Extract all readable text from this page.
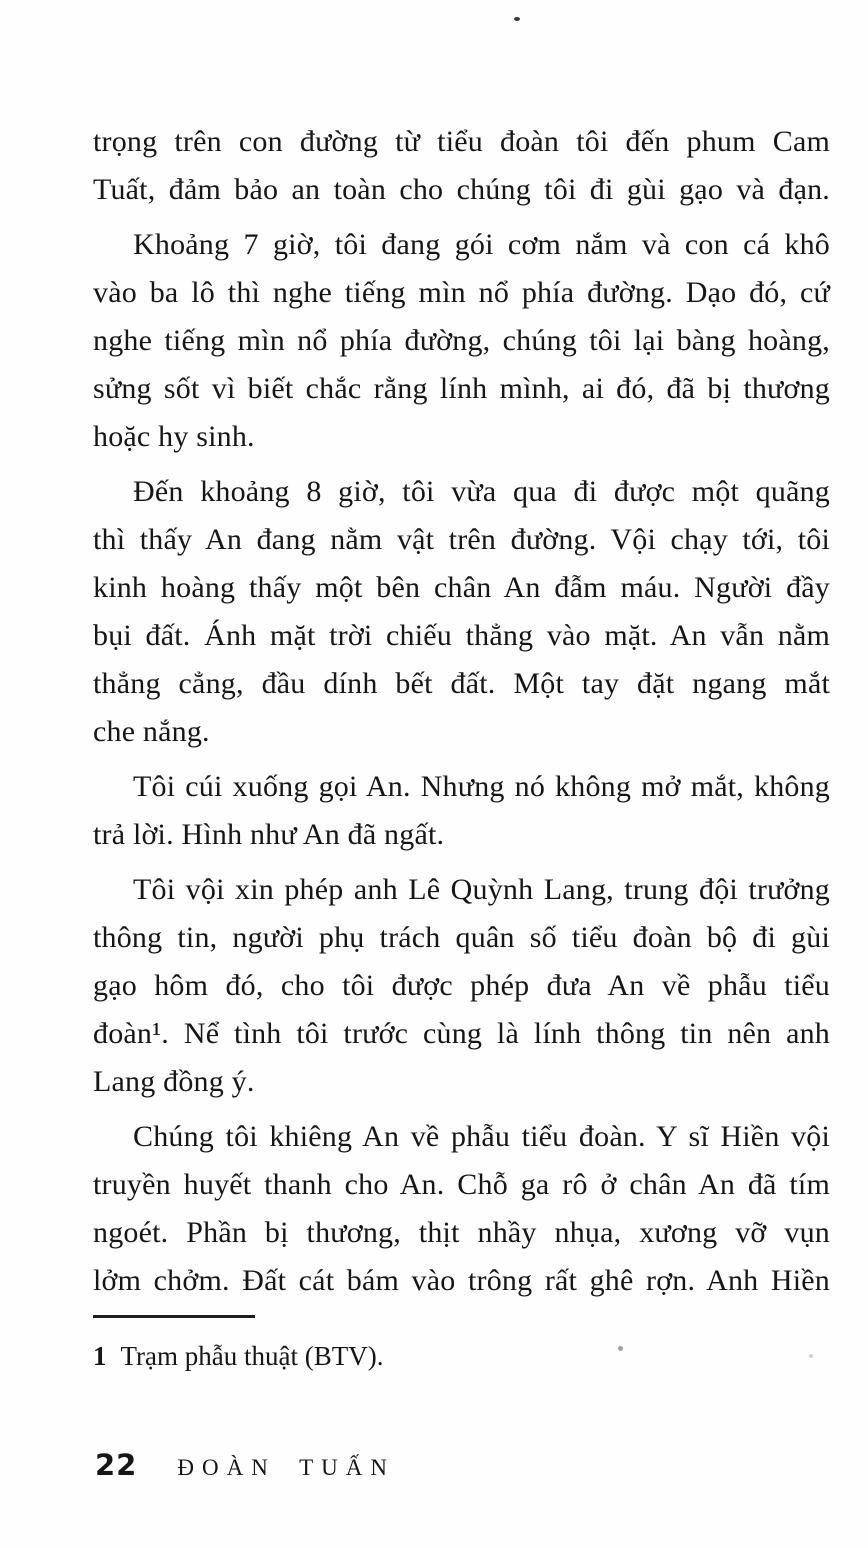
trọng trên con đường từ tiểu đoàn tôi đến phum Cam
Tuất, đảm bảo an toàn cho chúng tôi đi gùi gạo và đạn.
Khoảng 7 giờ, tôi đang gói cơm nắm và con cá khô
vào ba lô thì nghe tiếng mìn nổ phía đường. Dạo đó, cứ
nghe tiếng mìn nổ phía đường, chúng tôi lại bàng hoàng,
sửng sốt vì biết chắc rằng lính mình, ai đó, đã bị thương
hoặc hy sinh.
Đến khoảng 8 giờ, tôi vừa qua đi được một quãng
thì thấy An đang nằm vật trên đường. Vội chạy tới, tôi
kinh hoàng thấy một bên chân An đẫm máu. Người đầy
bụi đất. Ánh mặt trời chiếu thẳng vào mặt. An vẫn nằm
thẳng cẳng, đầu dính bết đất. Một tay đặt ngang mắt
che nắng.
Tôi cúi xuống gọi An. Nhưng nó không mở mắt, không
trả lời. Hình như An đã ngất.
Tôi vội xin phép anh Lê Quỳnh Lang, trung đội trưởng
thông tin, người phụ trách quân số tiểu đoàn bộ đi gùi
gạo hôm đó, cho tôi được phép đưa An về phẫu tiểu
đoàn¹. Nể tình tôi trước cùng là lính thông tin nên anh
Lang đồng ý.
Chúng tôi khiêng An về phẫu tiểu đoàn. Y sĩ Hiền vội
truyền huyết thanh cho An. Chỗ ga rô ở chân An đã tím
ngoét. Phần bị thương, thịt nhầy nhụa, xương vỡ vụn
lởm chởm. Đất cát bám vào trông rất ghê rợn. Anh Hiền
1 Trạm phẫu thuật (BTV).
22 ĐOÀN TUẤN
